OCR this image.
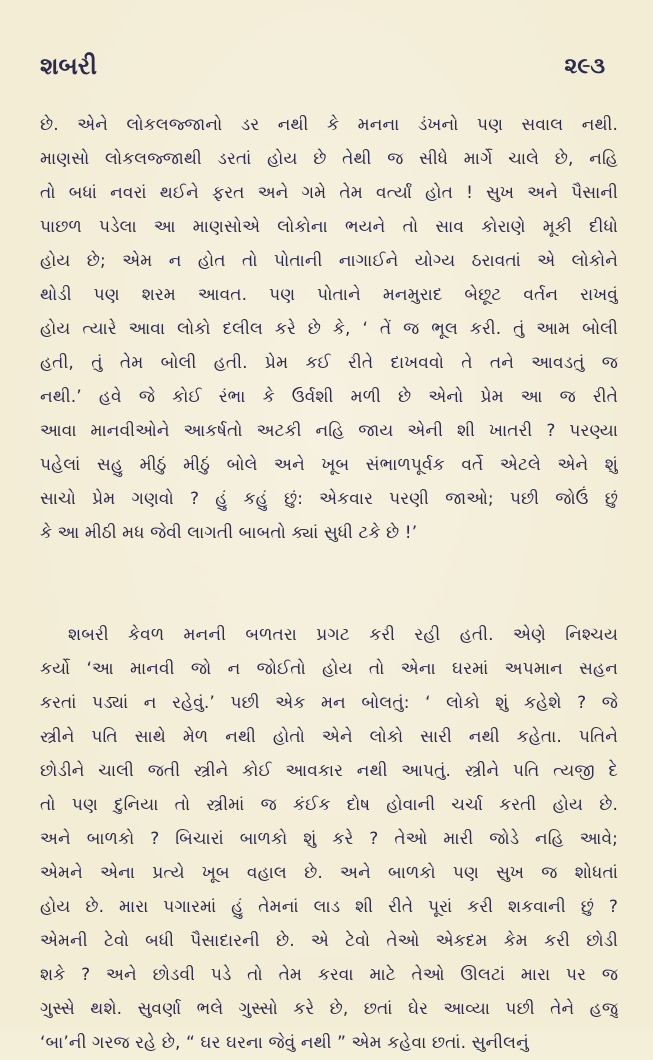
શબરી	૨૯૩
છે. એને લોકલજ્જાનો ડર નથી કે મનના ડંખનો પણ સવાલ નથી.
માણસો લોકલજ્જાથી ડરતાં હોય છે તેથી જ સીધે માર્ગે ચાલે છે, નહિ
તો બધાં નવરાં થઈને ફરત અને ગમે તેમ વર્ત્યાં હોત ! સુખ અને પૈસાની
પાછળ પડેલા આ માણસોએ લોકોના ભયને તો સાવ કોરાણે મૂકી દીધો
હોય છે; એમ ન હોત તો પોતાની નાગાઈને યોગ્ય ઠરાવતાં એ લોકોને
થોડી પણ શરમ આવત. પણ પોતાને મનમુરાદ બેછૂટ વર્તન રાખવું
હોય ત્યારે આવા લોકો દલીલ કરે છે કે, ‘ તેં જ ભૂલ કરી. તું આમ બોલી
હતી, તું તેમ બોલી હતી. પ્રેમ કઈ રીતે દાખવવો તે તને આવડતું જ
નથી.’ હવે જે કોઈ રંભા કે ઉર્વશી મળી છે એનો પ્રેમ આ જ રીતે
આવા માનવીઓને આકર્ષતો અટકી નહિ જાય એની શી ખાતરી ? પરણ્યા
પહેલાં સહુ મીઠું મીઠું બોલે અને ખૂબ સંભાળપૂર્વક વર્તે એટલે એને શું
સાચો પ્રેમ ગણવો ? હું કહું છું: એકવાર પરણી જાઓ; પછી જોઉં છું
કે આ મીઠી મધ જેવી લાગતી બાબતો ક્યાં સુધી ટકે છે !’
શબરી કેવળ મનની બળતરા પ્રગટ કરી રહી હતી. એણે નિશ્ચય
કર્યો ‘આ માનવી જો ન જોઈતો હોય તો એના ઘરમાં અપમાન સહન
કરતાં પડ્યાં ન રહેવું.’ પછી એક મન બોલતું: ‘ લોકો શું કહેશે ? જે
સ્ત્રીને પતિ સાથે મેળ નથી હોતો એને લોકો સારી નથી કહેતા. પતિને
છોડીને ચાલી જતી સ્ત્રીને કોઈ આવકાર નથી આપતું. સ્ત્રીને પતિ ત્યજી દે
તો પણ દુનિયા તો સ્ત્રીમાં જ કંઈક દોષ હોવાની ચર્ચા કરતી હોય છે.
અને બાળકો ? બિચારાં બાળકો શું કરે ? તેઓ મારી જોડે નહિ આવે;
એમને એના પ્રત્યે ખૂબ વહાલ છે. અને બાળકો પણ સુખ જ શોધતાં
હોય છે. મારા પગારમાં હું તેમનાં લાડ શી રીતે પૂરાં કરી શકવાની છું ?
એમની ટેવો બધી પૈસાદારની છે. એ ટેવો તેઓ એકદમ કેમ કરી છોડી
શકે ? અને છોડવી પડે તો તેમ કરવા માટે તેઓ ઊલટાં મારા પર જ
ગુસ્સે થશે. સુવર્ણા ભલે ગુસ્સો કરે છે, છતાં ઘેર આવ્યા પછી તેને હજુ
‘બા’ની ગરજ રહે છે, “ ઘર ઘરના જેવું નથી ” એમ કહેવા છતાં. સુનીલનું
